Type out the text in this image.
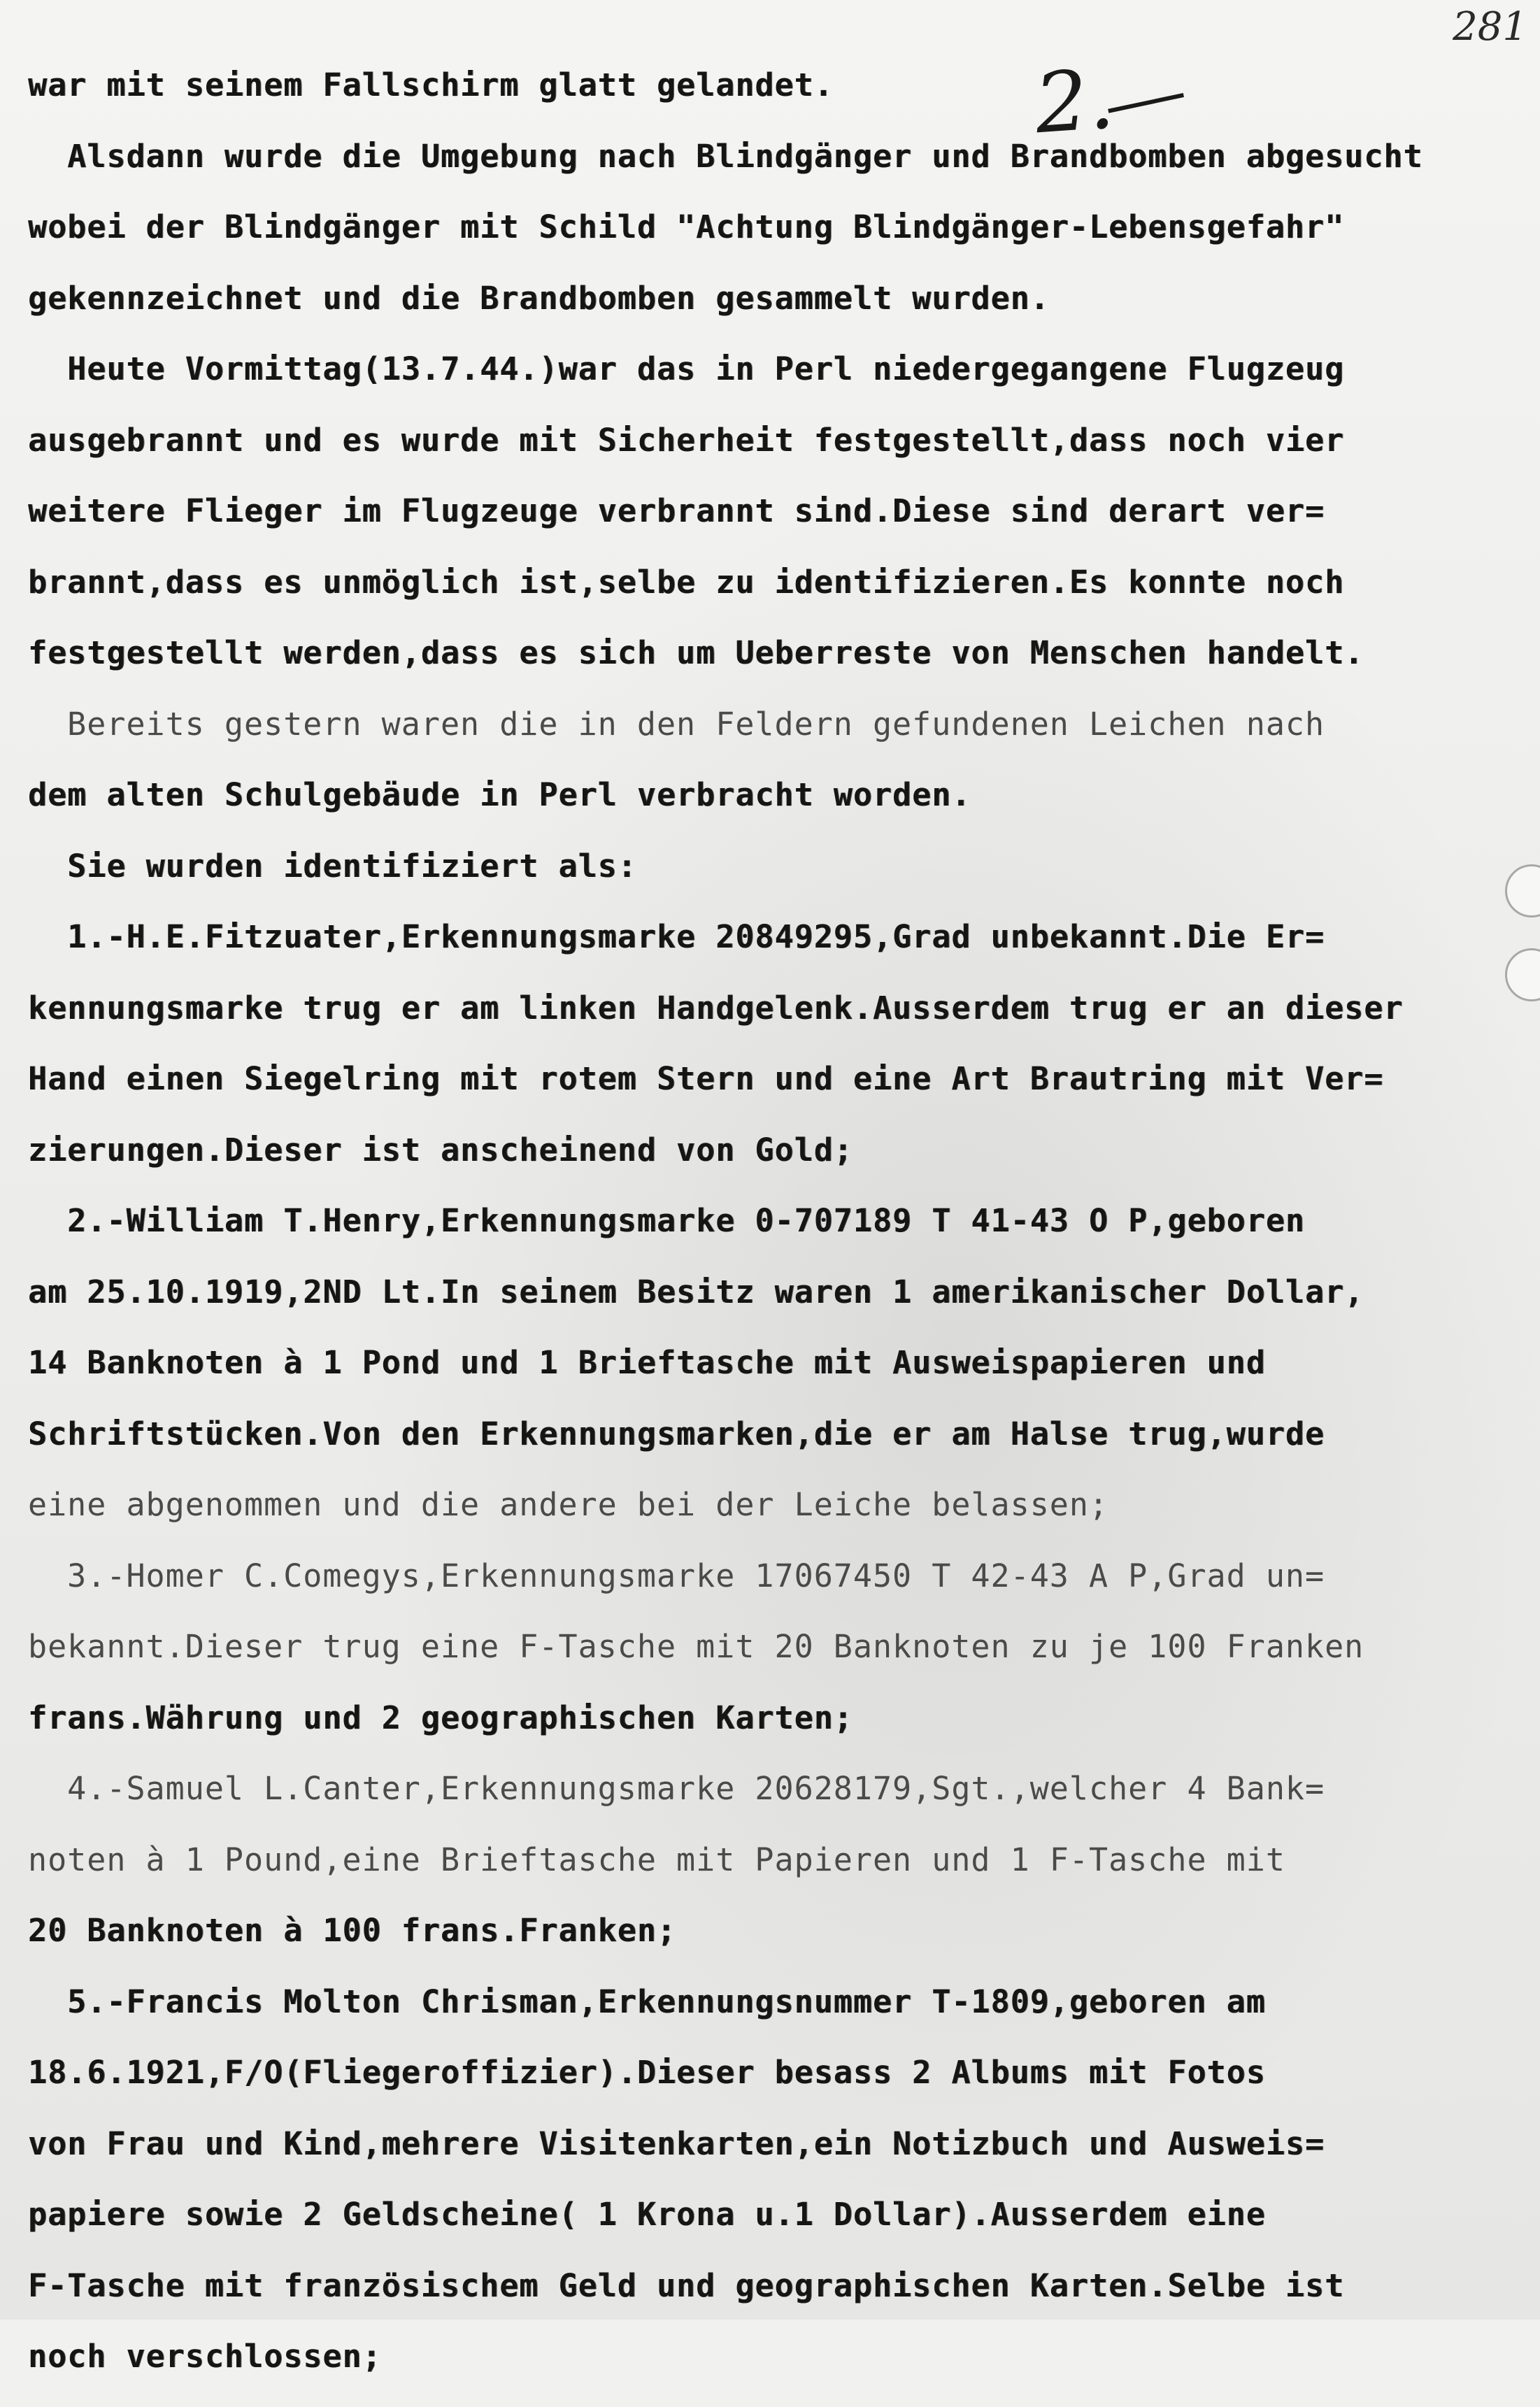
281
2.
war mit seinem Fallschirm glatt gelandet.
Alsdann wurde die Umgebung nach Blindgänger und Brandbomben abgesucht
wobei der Blindgänger mit Schild "Achtung Blindgänger-Lebensgefahr"
gekennzeichnet und die Brandbomben gesammelt wurden.
Heute Vormittag(13.7.44.)war das in Perl niedergegangene Flugzeug
ausgebrannt und es wurde mit Sicherheit festgestellt,dass noch vier
weitere Flieger im Flugzeuge verbrannt sind.Diese sind derart ver=
brannt,dass es unmöglich ist,selbe zu identifizieren.Es konnte noch
festgestellt werden,dass es sich um Ueberreste von Menschen handelt.
Bereits gestern waren die in den Feldern gefundenen Leichen nach
dem alten Schulgebäude in Perl verbracht worden.
Sie wurden identifiziert als:
1.-H.E.Fitzuater,Erkennungsmarke 20849295,Grad unbekannt.Die Er=
kennungsmarke trug er am linken Handgelenk.Ausserdem trug er an dieser
Hand einen Siegelring mit rotem Stern und eine Art Brautring mit Ver=
zierungen.Dieser ist anscheinend von Gold;
2.-William T.Henry,Erkennungsmarke 0-707189 T 41-43 O P,geboren
am 25.10.1919,2ND Lt.In seinem Besitz waren 1 amerikanischer Dollar,
14 Banknoten à 1 Pond und 1 Brieftasche mit Ausweispapieren und
Schriftstücken.Von den Erkennungsmarken,die er am Halse trug,wurde
eine abgenommen und die andere bei der Leiche belassen;
3.-Homer C.Comegys,Erkennungsmarke 17067450 T 42-43 A P,Grad un=
bekannt.Dieser trug eine F-Tasche mit 20 Banknoten zu je 100 Franken
frans.Währung und 2 geographischen Karten;
4.-Samuel L.Canter,Erkennungsmarke 20628179,Sgt.,welcher 4 Bank=
noten à 1 Pound,eine Brieftasche mit Papieren und 1 F-Tasche mit
20 Banknoten à 100 frans.Franken;
5.-Francis Molton Chrisman,Erkennungsnummer T-1809,geboren am
18.6.1921,F/O(Fliegeroffizier).Dieser besass 2 Albums mit Fotos
von Frau und Kind,mehrere Visitenkarten,ein Notizbuch und Ausweis=
papiere sowie 2 Geldscheine( 1 Krona u.1 Dollar).Ausserdem eine
F-Tasche mit französischem Geld und geographischen Karten.Selbe ist
noch verschlossen;
